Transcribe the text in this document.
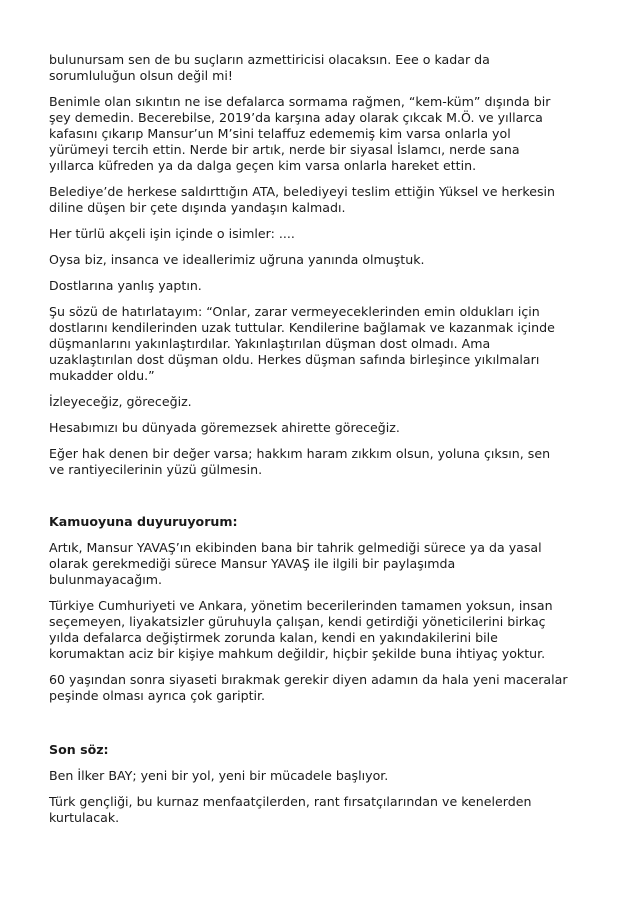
bulunursam sen de bu suçların azmettiricisi olacaksın. Eee o kadar da
sorumluluğun olsun değil mi!

Benimle olan sıkıntın ne ise defalarca sormama rağmen, “kem-küm” dışında bir
şey demedin. Becerebilse, 2019’da karşına aday olarak çıkcak M.Ö. ve yıllarca
kafasını çıkarıp Mansur’un M’sini telaffuz edememiş kim varsa onlarla yol
yürümeyi tercih ettin. Nerde bir artık, nerde bir siyasal İslamcı, nerde sana
yıllarca küfreden ya da dalga geçen kim varsa onlarla hareket ettin.

Belediye’de herkese saldırttığın ATA, belediyeyi teslim ettiğin Yüksel ve herkesin
diline düşen bir çete dışında yandaşın kalmadı.

Her türlü akçeli işin içinde o isimler: ....

Oysa biz, insanca ve ideallerimiz uğruna yanında olmuştuk.

Dostlarına yanlış yaptın.

Şu sözü de hatırlatayım: “Onlar, zarar vermeyeceklerinden emin oldukları için
dostlarını kendilerinden uzak tuttular. Kendilerine bağlamak ve kazanmak içinde
düşmanlarını yakınlaştırdılar. Yakınlaştırılan düşman dost olmadı. Ama
uzaklaştırılan dost düşman oldu. Herkes düşman safında birleşince yıkılmaları
mukadder oldu.”

İzleyeceğiz, göreceğiz.

Hesabımızı bu dünyada göremezsek ahirette göreceğiz.

Eğer hak denen bir değer varsa; hakkım haram zıkkım olsun, yoluna çıksın, sen
ve rantiyecilerinin yüzü gülmesin.

Kamuoyuna duyuruyorum:

Artık, Mansur YAVAŞ’ın ekibinden bana bir tahrik gelmediği sürece ya da yasal
olarak gerekmediği sürece Mansur YAVAŞ ile ilgili bir paylaşımda
bulunmayacağım.

Türkiye Cumhuriyeti ve Ankara, yönetim becerilerinden tamamen yoksun, insan
seçemeyen, liyakatsizler güruhuyla çalışan, kendi getirdiği yöneticilerini birkaç
yılda defalarca değiştirmek zorunda kalan, kendi en yakındakilerini bile
korumaktan aciz bir kişiye mahkum değildir, hiçbir şekilde buna ihtiyaç yoktur.

60 yaşından sonra siyaseti bırakmak gerekir diyen adamın da hala yeni maceralar
peşinde olması ayrıca çok gariptir.

Son söz:

Ben İlker BAY; yeni bir yol, yeni bir mücadele başlıyor.

Türk gençliği, bu kurnaz menfaatçilerden, rant fırsatçılarından ve kenelerden
kurtulacak.
